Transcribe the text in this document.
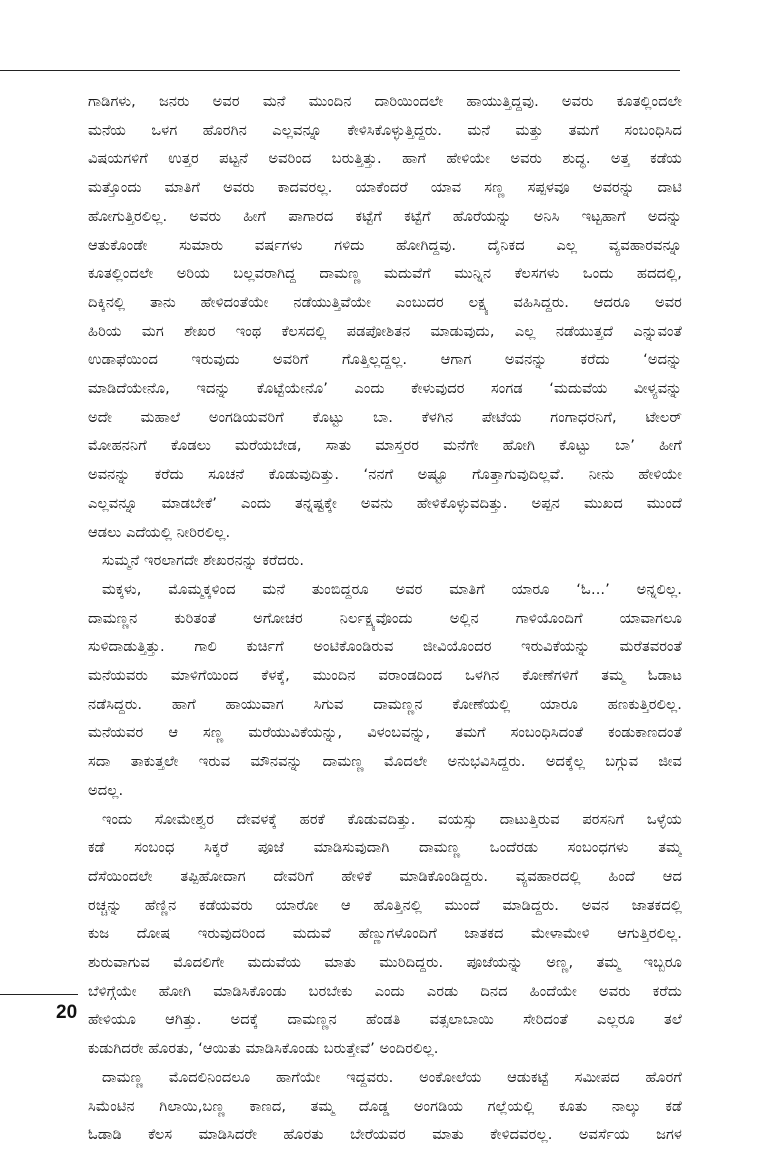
ಗಾಡಿಗಳು, ಜನರು ಅವರ ಮನೆ ಮುಂದಿನ ದಾರಿಯಿಂದಲೇ ಹಾಯುತ್ತಿದ್ದವು. ಅವರು ಕೂತಲ್ಲಿಂದಲೇ
ಮನೆಯ ಒಳಗ ಹೊರಗಿನ ಎಲ್ಲವನ್ನೂ ಕೇಳಿಸಿಕೊಳ್ಳುತ್ತಿದ್ದರು. ಮನೆ ಮತ್ತು ತಮಗೆ ಸಂಬಂಧಿಸಿದ
ವಿಷಯಗಳಿಗೆ ಉತ್ತರ ಪಟ್ಟನೆ ಅವರಿಂದ ಬರುತ್ತಿತ್ತು. ಹಾಗೆ ಹೇಳಿಯೇ ಅವರು ಶುದ್ಧ. ಅತ್ತ ಕಡೆಯ
ಮತ್ತೊಂದು ಮಾತಿಗೆ ಅವರು ಕಾದವರಲ್ಲ. ಯಾಕೆಂದರೆ ಯಾವ ಸಣ್ಣ ಸಪ್ಪಳವೂ ಅವರನ್ನು ದಾಟಿ
ಹೋಗುತ್ತಿರಲಿಲ್ಲ. ಅವರು ಹೀಗೆ ಪಾಗಾರದ ಕಟ್ಟೆಗೆ ಕಟ್ಟೆಗೆ ಹೊರೆಯನ್ನು ಅನಿಸಿ ಇಟ್ಟಹಾಗೆ ಅದನ್ನು
ಆತುಕೊಂಡೇ ಸುಮಾರು ವರ್ಷಗಳು ಗಳಿದು ಹೋಗಿದ್ದವು. ದೈನಿಕದ ಎಲ್ಲ ವ್ಯವಹಾರವನ್ನೂ
ಕೂತಲ್ಲಿಂದಲೇ ಅರಿಯ ಬಲ್ಲವರಾಗಿದ್ದ ದಾಮಣ್ಣ ಮದುವೆಗೆ ಮುನ್ನಿನ ಕೆಲಸಗಳು ಒಂದು ಹದದಲ್ಲಿ,
ದಿಕ್ಕಿನಲ್ಲಿ ತಾನು ಹೇಳಿದಂತೆಯೇ ನಡೆಯುತ್ತಿವೆಯೇ ಎಂಬುದರ ಲಕ್ಷ್ಯ ವಹಿಸಿದ್ದರು. ಆದರೂ ಅವರ
ಹಿರಿಯ ಮಗ ಶೇಖರ ಇಂಥ ಕೆಲಸದಲ್ಲಿ ಪಡಪೋಶಿತನ ಮಾಡುವುದು, ಎಲ್ಲ ನಡೆಯುತ್ತದೆ ಎನ್ನುವಂತೆ
ಉಡಾಫೆಯಿಂದ ಇರುವುದು ಅವರಿಗೆ ಗೊತ್ತಿಲ್ಲದ್ದಲ್ಲ. ಆಗಾಗ ಅವನನ್ನು ಕರೆದು ‘ಅದನ್ನು
ಮಾಡಿದೆಯೇನೊ, ಇದನ್ನು ಕೊಟ್ಟೆಯೇನೊ’ ಎಂದು ಕೇಳುವುದರ ಸಂಗಡ ‘ಮದುವೆಯ ವೀಳ್ಯವನ್ನು
ಅದೇ ಮಹಾಲೆ ಅಂಗಡಿಯವರಿಗೆ ಕೊಟ್ಟು ಬಾ. ಕೆಳಗಿನ ಪೇಟೆಯ ಗಂಗಾಧರನಿಗೆ, ಟೇಲರ್
ಮೋಹನನಿಗೆ ಕೊಡಲು ಮರೆಯಬೇಡ, ಸಾತು ಮಾಸ್ತರರ ಮನೆಗೇ ಹೋಗಿ ಕೊಟ್ಟು ಬಾ’ ಹೀಗೆ
ಅವನನ್ನು ಕರೆದು ಸೂಚನೆ ಕೊಡುವುದಿತ್ತು. ‘ನನಗೆ ಅಷ್ಟೂ ಗೊತ್ತಾಗುವುದಿಲ್ಲವೆ. ನೀನು ಹೇಳಿಯೇ
ಎಲ್ಲವನ್ನೂ ಮಾಡಬೇಕೆ’ ಎಂದು ತನ್ನಷ್ಟಕ್ಕೇ ಅವನು ಹೇಳಿಕೊಳ್ಳುವದಿತ್ತು. ಅಪ್ಪನ ಮುಖದ ಮುಂದೆ
ಆಡಲು ಎದೆಯಲ್ಲಿ ನೀರಿರಲಿಲ್ಲ.
ಸುಮ್ಮನೆ ಇರಲಾಗದೇ ಶೇಖರನನ್ನು ಕರೆದರು.
ಮಕ್ಕಳು, ಮೊಮ್ಮಕ್ಕಳಿಂದ ಮನೆ ತುಂಬಿದ್ದರೂ ಅವರ ಮಾತಿಗೆ ಯಾರೂ ‘ಓ...’ ಅನ್ನಲಿಲ್ಲ.
ದಾಮಣ್ಣನ ಕುರಿತಂತೆ ಅಗೋಚರ ನಿರ್ಲಕ್ಷ್ಯವೊಂದು ಅಲ್ಲಿನ ಗಾಳಿಯೊಂದಿಗೆ ಯಾವಾಗಲೂ
ಸುಳಿದಾಡುತ್ತಿತ್ತು. ಗಾಲಿ ಕುರ್ಚಿಗೆ ಅಂಟಿಕೊಂಡಿರುವ ಜೀವಿಯೊಂದರ ಇರುವಿಕೆಯನ್ನು ಮರೆತವರಂತೆ
ಮನೆಯವರು ಮಾಳಿಗೆಯಿಂದ ಕೆಳಕ್ಕೆ, ಮುಂದಿನ ವರಾಂಡದಿಂದ ಒಳಗಿನ ಕೋಣೆಗಳಿಗೆ ತಮ್ಮ ಓಡಾಟ
ನಡೆಸಿದ್ದರು. ಹಾಗೆ ಹಾಯುವಾಗ ಸಿಗುವ ದಾಮಣ್ಣನ ಕೋಣೆಯಲ್ಲಿ ಯಾರೂ ಹಣಕುತ್ತಿರಲಿಲ್ಲ.
ಮನೆಯವರ ಆ ಸಣ್ಣ ಮರೆಯುವಿಕೆಯನ್ನು, ವಿಳಂಬವನ್ನು, ತಮಗೆ ಸಂಬಂಧಿಸಿದಂತೆ ಕಂಡುಕಾಣದಂತೆ
ಸದಾ ತಾಕುತ್ತಲೇ ಇರುವ ಮೌನವನ್ನು ದಾಮಣ್ಣ ಮೊದಲೇ ಅನುಭವಿಸಿದ್ದರು. ಅದಕ್ಕೆಲ್ಲ ಬಗ್ಗುವ ಜೀವ
ಅದಲ್ಲ.
ಇಂದು ಸೋಮೇಶ್ವರ ದೇವಳಕ್ಕೆ ಹರಕೆ ಕೊಡುವದಿತ್ತು. ವಯಸ್ಸು ದಾಟುತ್ತಿರುವ ಪರಸನಿಗೆ ಒಳ್ಳೆಯ
ಕಡೆ ಸಂಬಂಧ ಸಿಕ್ಕರೆ ಪೂಜೆ ಮಾಡಿಸುವುದಾಗಿ ದಾಮಣ್ಣ ಒಂದೆರಡು ಸಂಬಂಧಗಳು ತಮ್ಮ
ದೆಸೆಯಿಂದಲೇ ತಪ್ಪಿಹೋದಾಗ ದೇವರಿಗೆ ಹೇಳಿಕೆ ಮಾಡಿಕೊಂಡಿದ್ದರು. ವ್ಯವಹಾರದಲ್ಲಿ ಹಿಂದೆ ಆದ
ರಚ್ಚನ್ನು ಹೆಣ್ಣಿನ ಕಡೆಯವರು ಯಾರೋ ಆ ಹೊತ್ತಿನಲ್ಲಿ ಮುಂದೆ ಮಾಡಿದ್ದರು. ಅವನ ಜಾತಕದಲ್ಲಿ
ಕುಜ ದೋಷ ಇರುವುದರಿಂದ ಮದುವೆ ಹೆಣ್ಣುಗಳೊಂದಿಗೆ ಜಾತಕದ ಮೇಳಾಮೇಳಿ ಆಗುತ್ತಿರಲಿಲ್ಲ.
ಶುರುವಾಗುವ ಮೊದಲಿಗೇ ಮದುವೆಯ ಮಾತು ಮುರಿದಿದ್ದರು. ಪೂಜೆಯನ್ನು ಅಣ್ಣ, ತಮ್ಮ ಇಬ್ಬರೂ
ಬೆಳಿಗ್ಗೆಯೇ ಹೋಗಿ ಮಾಡಿಸಿಕೊಂಡು ಬರಬೇಕು ಎಂದು ಎರಡು ದಿನದ ಹಿಂದೆಯೇ ಅವರು ಕರೆದು
ಹೇಳಿಯೂ ಆಗಿತ್ತು. ಅದಕ್ಕೆ ದಾಮಣ್ಣನ ಹೆಂಡತಿ ವತ್ಸಲಾಬಾಯಿ ಸೇರಿದಂತೆ ಎಲ್ಲರೂ ತಲೆ
ಕುಡುಗಿದರೇ ಹೊರತು, ‘ಆಯಿತು ಮಾಡಿಸಿಕೊಂಡು ಬರುತ್ತೇವೆ’ ಅಂದಿರಲಿಲ್ಲ.
ದಾಮಣ್ಣ ಮೊದಲಿನಿಂದಲೂ ಹಾಗೆಯೇ ಇದ್ದವರು. ಅಂಕೋಲೆಯ ಆಡುಕಟ್ಟೆ ಸಮೀಪದ ಹೊರಗೆ
ಸಿಮೆಂಟಿನ ಗಿಲಾಯಿ,ಬಣ್ಣ ಕಾಣದ, ತಮ್ಮ ದೊಡ್ಡ ಅಂಗಡಿಯ ಗಲ್ಲೆಯಲ್ಲಿ ಕೂತು ನಾಲ್ಕು ಕಡೆ
ಓಡಾಡಿ ಕೆಲಸ ಮಾಡಿಸಿದರೇ ಹೊರತು ಬೇರೆಯವರ ಮಾತು ಕೇಳಿದವರಲ್ಲ. ಅವರ್ಸೆಯ ಜಗಳ
20
